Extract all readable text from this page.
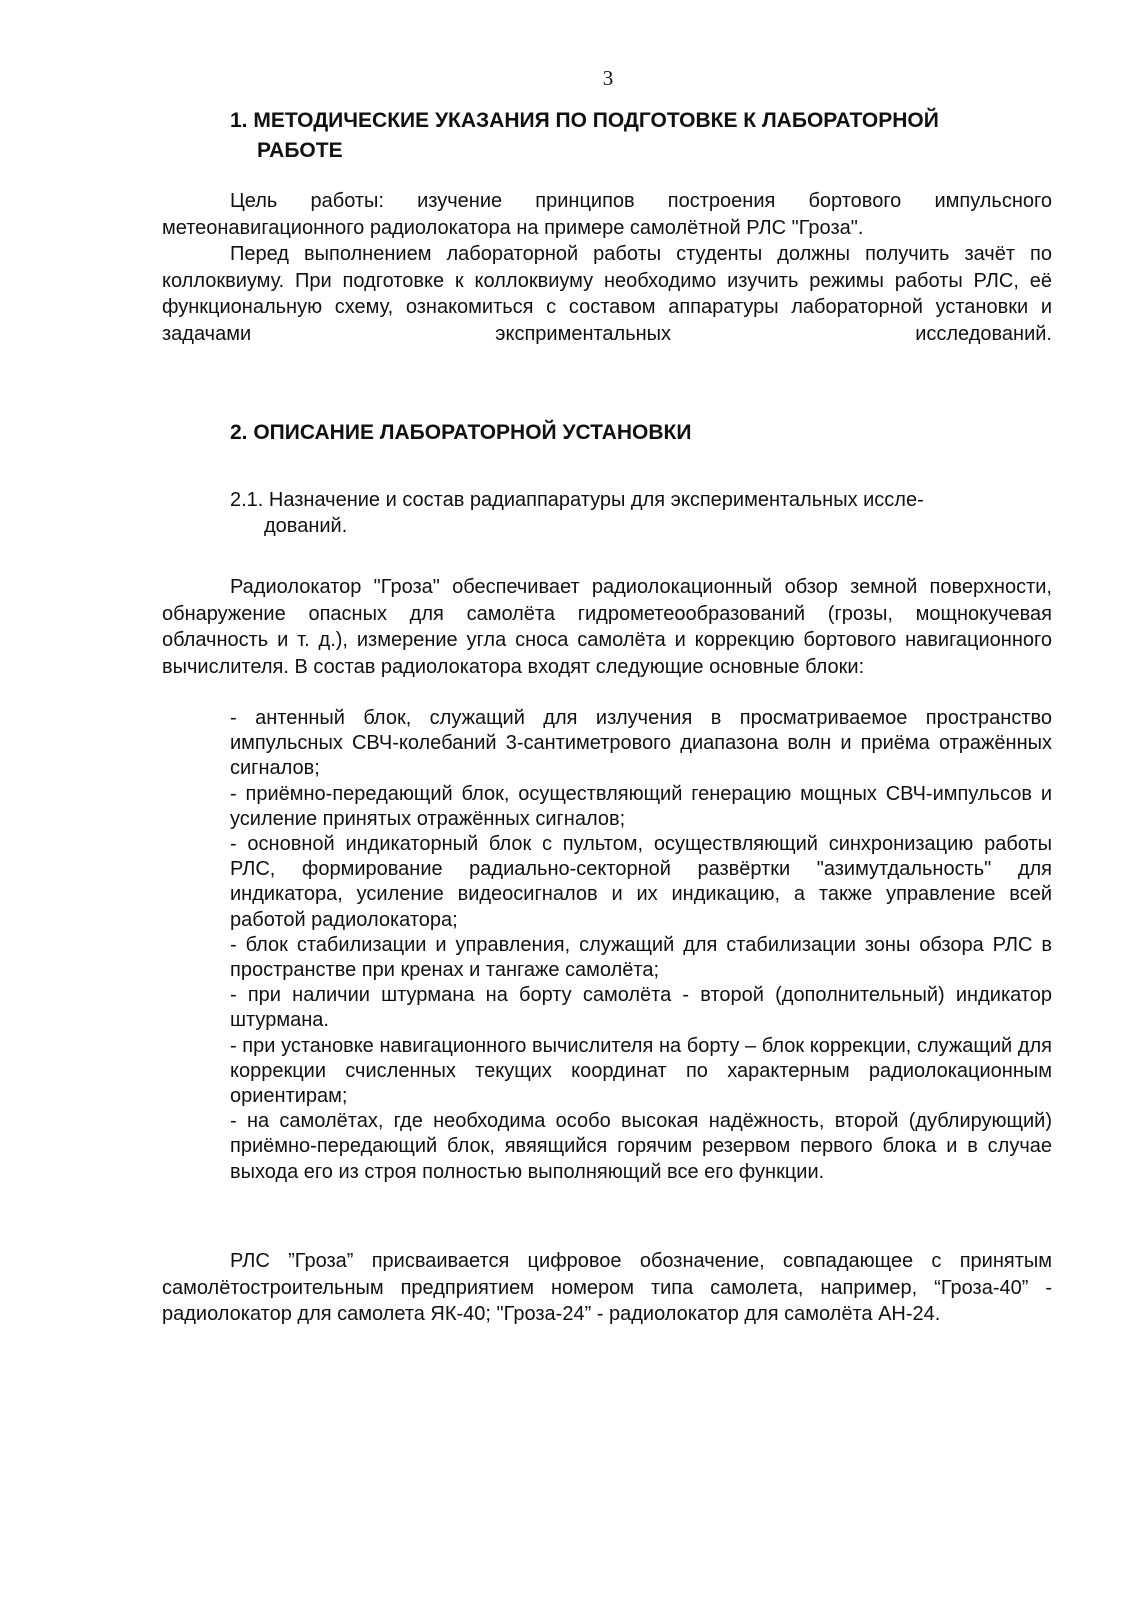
3
1. МЕТОДИЧЕСКИЕ УКАЗАНИЯ ПО ПОДГОТОВКЕ К ЛАБОРАТОРНОЙ
РАБОТЕ

Цель работы: изучение принципов построения бортового импульсного метеонавигационного радиолокатора на примере самолётной РЛС "Гроза".

Перед выполнением лабораторной работы студенты должны получить зачёт по коллоквиуму. При подготовке к коллоквиуму необходимо изучить режимы работы РЛС, её функциональную схему, ознакомиться с составом аппаратуры лабораторной установки и задачами эксприментальных исследований.

2. ОПИСАНИЕ ЛАБОРАТОРНОЙ УСТАНОВКИ
2.1. Назначение и состав радиаппаратуры для экспериментальных иссле-
дований.

Радиолокатор "Гроза" обеспечивает радиолокационный обзор земной поверхности, обнаружение опасных для самолёта гидрометеообразований (грозы, мощнокучевая облачность и т. д.), измерение угла сноса самолёта и коррекцию бортового навигационного вычислителя. В состав радиолокатора входят следующие основные блоки:

- антенный блок, служащий для излучения в просматриваемое пространство импульсных СВЧ-колебаний 3-сантиметрового диапазона волн и приёма отражённых сигналов;

- приёмно-передающий блок, осуществляющий генерацию мощных СВЧ-импульсов и усиление принятых отражённых сигналов;

- основной индикаторный блок с пультом, осуществляющий синхронизацию работы РЛС, формирование радиально-секторной развёртки "азимутдальность" для индикатора, усиление видеосигналов и их индикацию, а также управление всей работой радиолокатора;

- блок стабилизации и управления, служащий для стабилизации зоны обзора РЛС в пространстве при кренах и тангаже самолёта;

- при наличии штурмана на борту самолёта - второй (дополнительный) индикатор штурмана.

- при установке навигационного вычислителя на борту – блок коррекции, служащий для коррекции счисленных текущих координат по характерным радиолокационным ориентирам;

- на самолётах, где необходима особо высокая надёжность, второй (дублирующий) приёмно-передающий блок, явяящийся горячим резервом первого блока и в случае выхода его из строя полностью выполняющий все его функции.

РЛС ”Гроза” присваивается цифровое обозначение, совпадающее с принятым самолётостроительным предприятием номером типа самолета, например, “Гроза-40” - радиолокатор для самолета ЯК-40; "Гроза-24” - радиолокатор для самолёта АН-24.
